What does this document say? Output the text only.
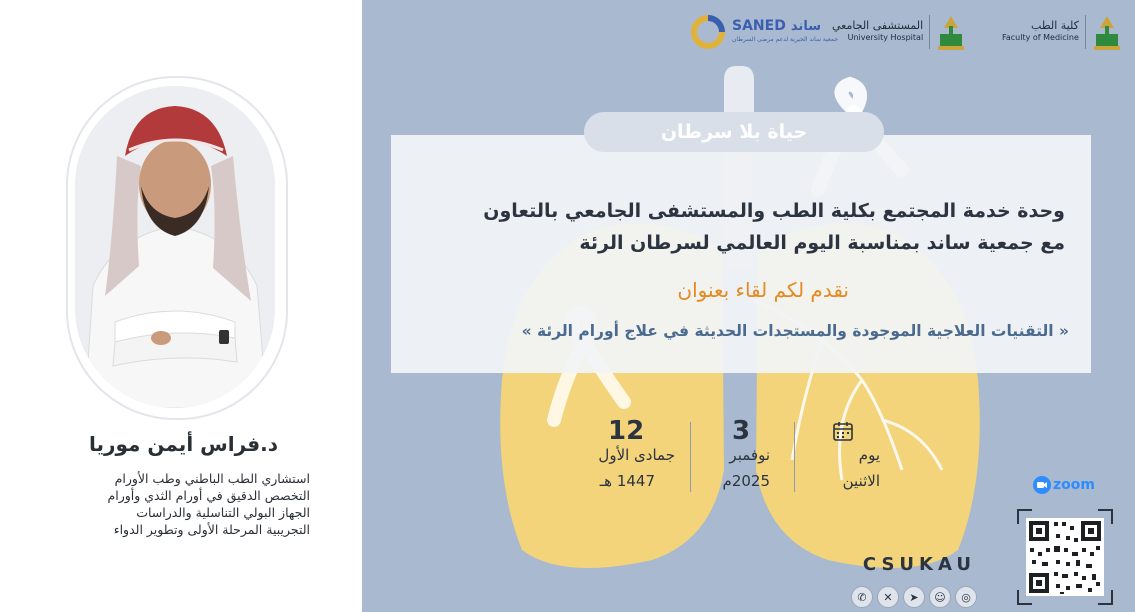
د.فراس أيمن موريا
استشاري الطب الباطني وطب الأورام
التخصص الدقيق في أورام الثدي وأورام
الجهاز البولي التناسلية والدراسات
التجريبية المرحلة الأولى وتطوير الدواء
كلية الطب
Faculty of Medicine
المستشفى الجامعي
University Hospital
SANED ساند
جمعية ساند الخيرية لدعم مرضى السرطان
حياة بلا سرطان
وحدة خدمة المجتمع بكلية الطب والمستشفى الجامعي بالتعاون
مع جمعية ساند بمناسبة اليوم العالمي لسرطان الرئة
نقدم لكم لقاء بعنوان
« التقنيات العلاجية الموجودة والمستجدات الحديثة في علاج أورام الرئة »
يوم
الاثنين
3
نوفمبر
2025م
12
جمادى الأول
1447 هـ	zoom
CSUKAU
✆	✕	➤	☺	◎
